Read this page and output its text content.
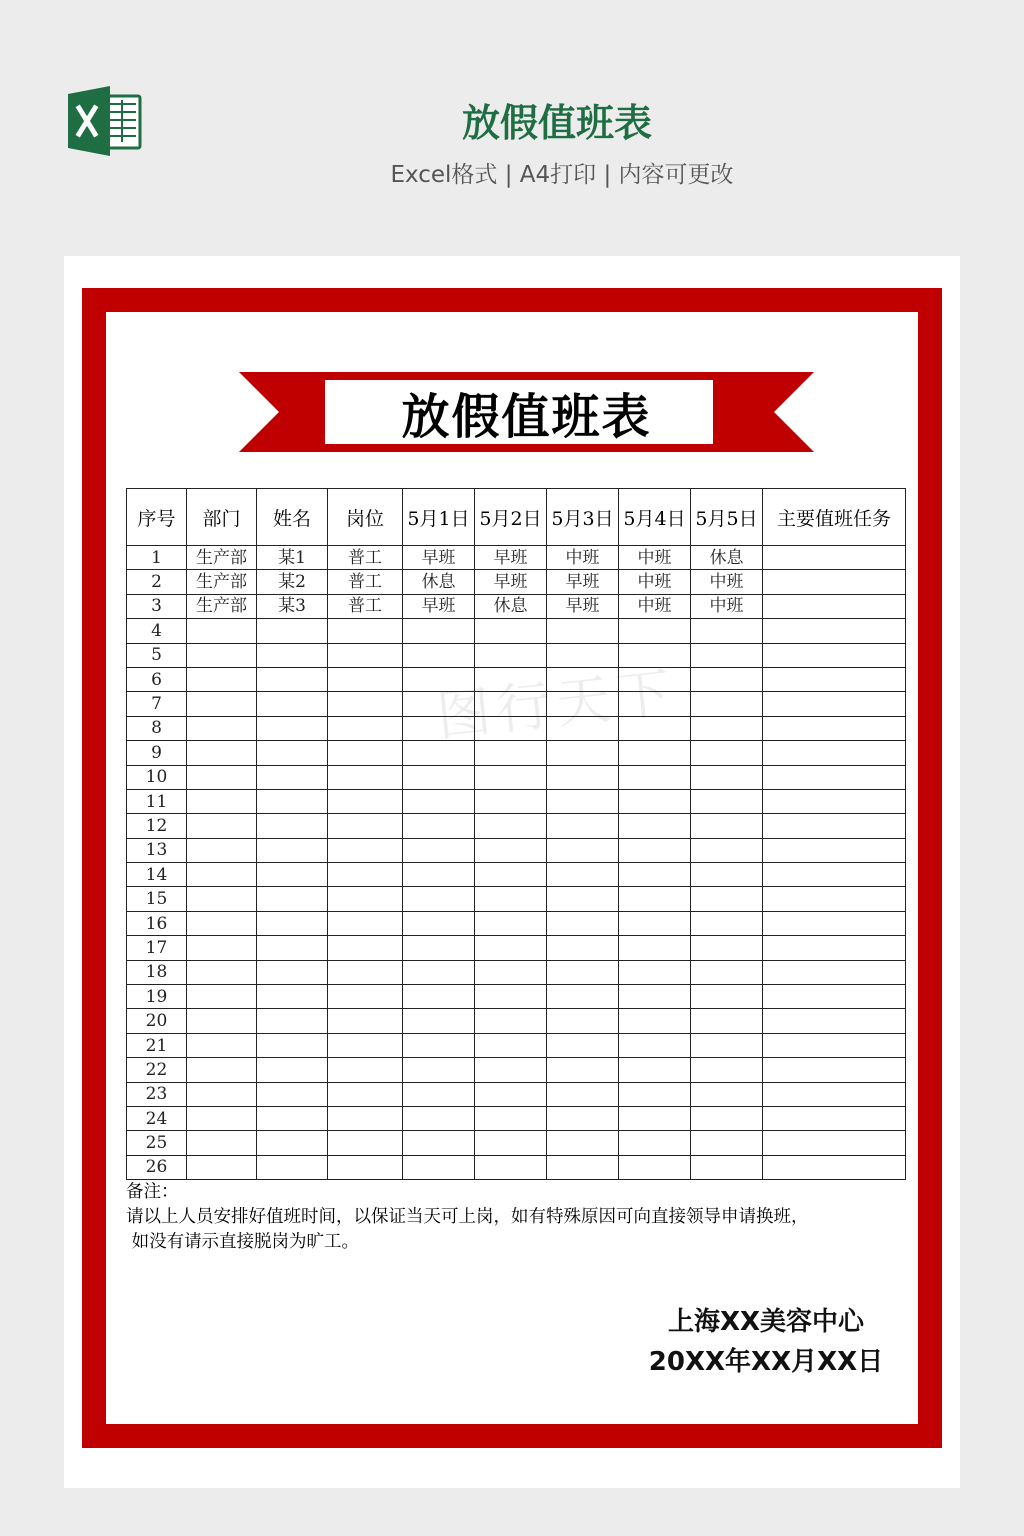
放假值班表
Excel格式 | A4打印 | 内容可更改
放假值班表
图行天下
序号	部门	姓名	岗位	5月1日	5月2日	5月3日	5月4日	5月5日	主要值班任务
1	生产部	某1	普工	早班	早班	中班	中班	休息	
2	生产部	某2	普工	休息	早班	早班	中班	中班	
3	生产部	某3	普工	早班	休息	早班	中班	中班	
4									
5									
6									
7									
8									
9									
10									
11									
12									
13									
14									
15									
16									
17									
18									
19									
20									
21									
22									
23									
24									
25									
26									
备注：
请以上人员安排好值班时间，以保证当天可上岗，如有特殊原因可向直接领导申请换班，
如没有请示直接脱岗为旷工。
上海XX美容中心
20XX年XX月XX日
